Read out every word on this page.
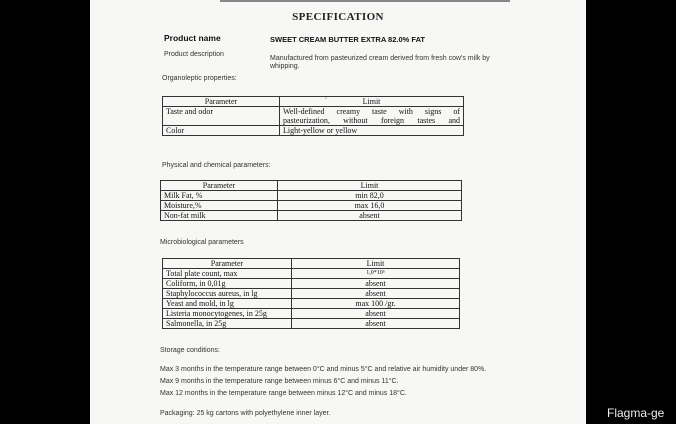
SPECIFICATION
Product name	SWEET CREAM BUTTER EXTRA 82.0% FAT
Product description
Manufactured from pasteurized cream derived from fresh cow's milk by
whipping.
Organoleptic properties:
Parameter	· Limit
Taste and odor	Well-defined creamy taste with signs of
pasteurization, without foreign tastes and

Color	Light-yellow or yellow
Physical and chemical parameters:
Parameter	Limit
Milk Fat, %	min 82,0
Moisture,%	max 16,0
Non-fat milk	absent
Microbiological parameters
Parameter	Limit
Total plate count, max	1,0*10⁵
Coliform, in 0,01g	absent
Staphylococcus aureus, in lg	absent
Yeast and mold, in lg	max 100 /gr.
Listeria monocytogenes, in 25g	absent
Salmonella, in 25g	absent
Storage conditions:
Max 3 months in the temperature range between 0°C and minus 5°C and relative air humidity under 80%.
Max 9 months in the temperature range between minus 6°C and minus 11°C.
Max 12 months in the temperature range between minus 12°C and minus 18°C.
Packaging: 25 kg cartons with polyethylene inner layer.	Flagma-ge
